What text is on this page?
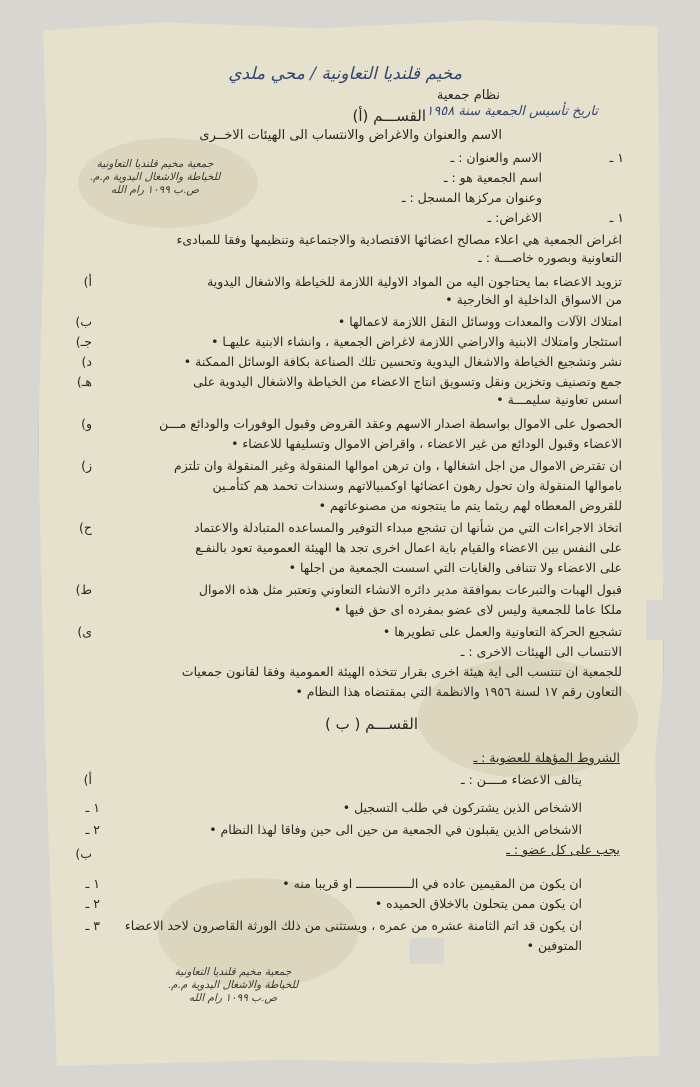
نظام جمعية
مخيم قلنديا التعاونية / محي ملدي
القســـم (أ) تاريخ تأسيس الجمعية سنة ١٩٥٨
الاسم والعنوان والاغراض والانتساب الى الهيئات الاخــرى
جمعية مخيم قلنديا التعاونية
للخياطة والاشغال اليدوية م.م.
ص.ب ١٠٩٩ رام الله
١ ـ
الاسم والعنوان : ـ
اسم الجمعية هو : ـ
وعنوان مركزها المسجل : ـ
١ ـ
الاغراض: ـ
اغراض الجمعية هي اعلاء مصالح اعضائها الاقتصادية والاجتماعية وتنظيمها وفقا للمبادىء
التعاونية وبصوره خاصـــة : ـ
أ)	تزويد الاعضاء بما يحتاجون اليه من المواد الاولية اللازمة للخياطة والاشغال اليدوية
من الاسواق الداخلية او الخارجية •
ب)	امتلاك الآلات والمعدات ووسائل النقل اللازمة لاعمالها •
جـ)	استئجار وامتلاك الابنية والاراضي اللازمة لاغراض الجمعية ، وانشاء الابنية عليهـا •
د)	نشر وتشجيع الخياطة والاشغال اليدوية وتحسين تلك الصناعة بكافة الوسائل الممكنة •
هـ)	جمع وتصنيف وتخزين ونقل وتسويق انتاج الاعضاء من الخياطة والاشغال اليدوية على
اسس تعاونية سليمـــة •
و)	الحصول على الاموال بواسطة اصدار الاسهم وعقد القروض وقبول الوفورات والودائع مـــن
الاعضاء وقبول الودائع من غير الاعضاء ، واقراض الاموال وتسليفها للاعضاء •
ز)	ان تقترض الاموال من اجل اشغالها ، وان ترهن اموالها المنقولة وغير المنقولة وان تلتزم
باموالها المنقولة وان تحول رهون اعضائها اوكمبيالاتهم وسندات تحمد هم كتأمـين
للقروض المعطاه لهم ريثما يتم ما ينتجونه من مصنوعاتهم •
ح)	اتخاذ الاجراءات التي من شأنها ان تشجع مبداء التوفير والمساعده المتبادلة والاعتماد
على النفس بين الاعضاء والقيام باية اعمال اخرى تجد ها الهيئة العمومية تعود بالنفـع
على الاعضاء ولا تتنافى والغايات التي اسست الجمعية من اجلها •
ط)	قبول الهبات والتبرعات بموافقة مدير دائره الانشاء التعاوني وتعتبر مثل هذه الاموال
ملكا عاما للجمعية وليس لاى عضو بمفرده اى حق فيها •
ى)	تشجيع الحركة التعاونية والعمل على تطويرها •
الانتساب الى الهيئات الاخرى : ـ
للجمعية ان تنتسب الى اية هيئة اخرى بقرار تتخذه الهيئة العمومية وفقا لقانون جمعيات
التعاون رقم ١٧ لسنة ١٩٥٦ والانظمة التي بمقتضاه هذا النظام •
القســـم ( ب )
الشروط المؤهلة للعضوية : ـ
أ)	يتالف الاعضاء مــــن : ـ
١ ـ	الاشخاص الذين يشتركون في طلب التسجيل •
٢ ـ	الاشخاص الذين يقبلون في الجمعية من حين الى حين وفاقا لهذا النظام •
ب)	يجب على كل عضو : ـ
١ ـ	ان يكون من المقيمين عاده في الـــــــــــــــ او قريبا منه •
٢ ـ	ان يكون ممن يتحلون بالاخلاق الحميده •
٣ ـ ان يكون قد اتم الثامنة عشره من عمره ، ويستثنى من ذلك الورثة القاصرون لاحد الاعضاء
المتوفين •
جمعية مخيم قلنديا التعاونية
للخياطة والاشغال اليدوية م.م.
ص.ب ١٠٩٩ رام الله
